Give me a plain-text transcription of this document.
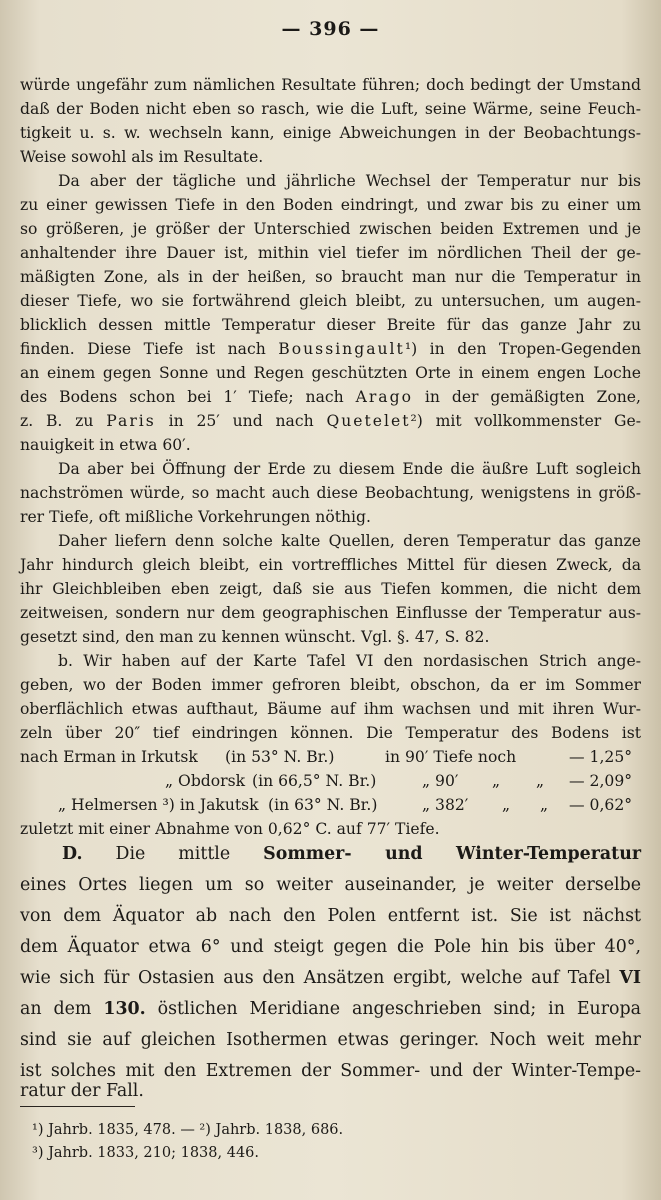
— 396 —
würde ungefähr zum nämlichen Resultate führen; doch bedingt der Umstand
daß der Boden nicht eben so rasch, wie die Luft, seine Wärme, seine Feuch-
tigkeit u. s. w. wechseln kann, einige Abweichungen in der Beobachtungs-
Weise sowohl als im Resultate.
Da aber der tägliche und jährliche Wechsel der Temperatur nur bis
zu einer gewissen Tiefe in den Boden eindringt, und zwar bis zu einer um
so größeren, je größer der Unterschied zwischen beiden Extremen und je
anhaltender ihre Dauer ist, mithin viel tiefer im nördlichen Theil der ge-
mäßigten Zone, als in der heißen, so braucht man nur die Temperatur in
dieser Tiefe, wo sie fortwährend gleich bleibt, zu untersuchen, um augen-
blicklich dessen mittle Temperatur dieser Breite für das ganze Jahr zu
finden. Diese Tiefe ist nach Boussingault¹) in den Tropen-Gegenden
an einem gegen Sonne und Regen geschützten Orte in einem engen Loche
des Bodens schon bei 1′ Tiefe; nach Arago in der gemäßigten Zone,
z. B. zu Paris in 25′ und nach Quetelet²) mit vollkommenster Ge-
nauigkeit in etwa 60′.
Da aber bei Öffnung der Erde zu diesem Ende die äußre Luft sogleich
nachströmen würde, so macht auch diese Beobachtung, wenigstens in größ-
rer Tiefe, oft mißliche Vorkehrungen nöthig.
Daher liefern denn solche kalte Quellen, deren Temperatur das ganze
Jahr hindurch gleich bleibt, ein vortreffliches Mittel für diesen Zweck, da
ihr Gleichbleiben eben zeigt, daß sie aus Tiefen kommen, die nicht dem
zeitweisen, sondern nur dem geographischen Einflusse der Temperatur aus-
gesetzt sind, den man zu kennen wünscht. Vgl. §. 47, S. 82.
b. Wir haben auf der Karte Tafel VI den nordasischen Strich ange-
geben, wo der Boden immer gefroren bleibt, obschon, da er im Sommer
oberflächlich etwas aufthaut, Bäume auf ihm wachsen und mit ihren Wur-
zeln über 20″ tief eindringen können. Die Temperatur des Bodens ist
nach Erman in Irkutsk (in 53° N. Br.)	in 90′ Tiefe noch	— 1,25°
„ Obdorsk (in 66,5° N. Br.)	„ 90′ „ „ — 2,09°
„ Helmersen ³) in Jakutsk (in 63° N. Br.)	„ 382′ „ „ — 0,62°
zuletzt mit einer Abnahme von 0,62° C. auf 77′ Tiefe.
D. Die mittle Sommer- und Winter-Temperatur
eines Ortes liegen um so weiter auseinander, je weiter derselbe
von dem Äquator ab nach den Polen entfernt ist. Sie ist nächst
dem Äquator etwa 6° und steigt gegen die Pole hin bis über 40°,
wie sich für Ostasien aus den Ansätzen ergibt, welche auf Tafel VI
an dem 130. östlichen Meridiane angeschrieben sind; in Europa
sind sie auf gleichen Isothermen etwas geringer. Noch weit mehr
ist solches mit den Extremen der Sommer- und der Winter-Tempe-
ratur der Fall.
¹) Jahrb. 1835, 478. — ²) Jahrb. 1838, 686.
³) Jahrb. 1833, 210; 1838, 446.
